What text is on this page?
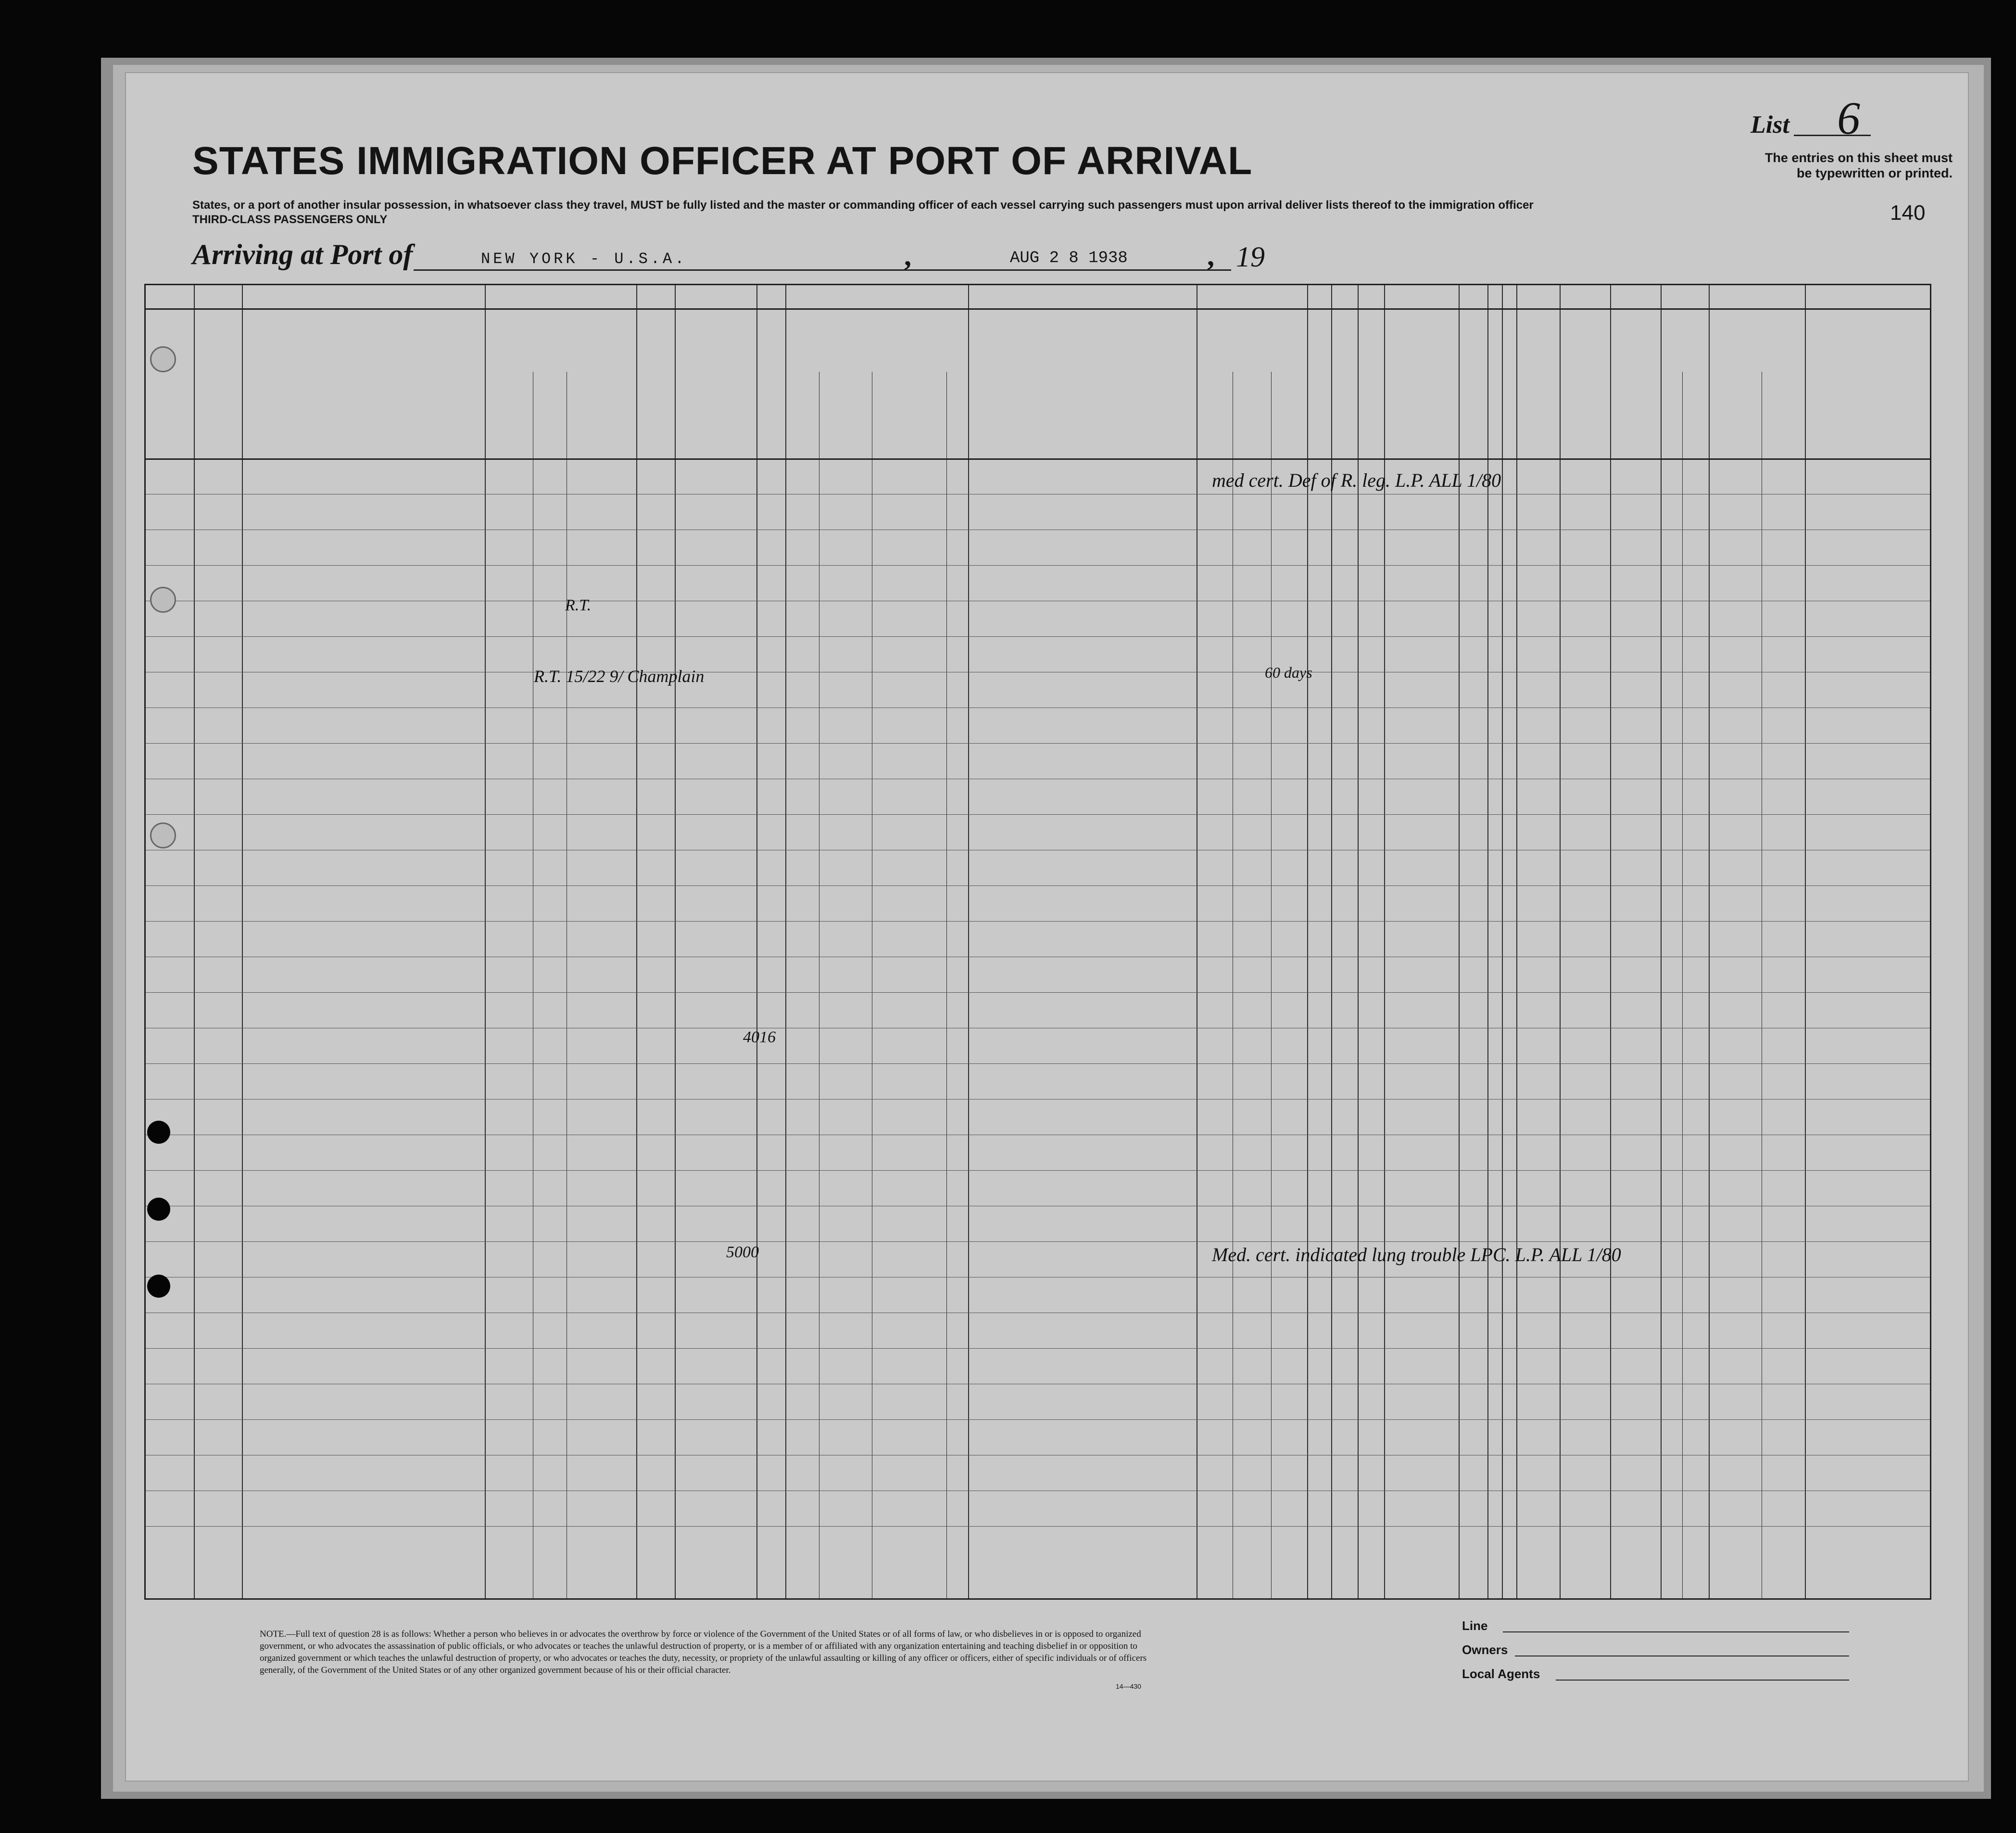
List 6
The entries on this sheet must
be typewritten or printed.
STATES IMMIGRATION OFFICER AT PORT OF ARRIVAL
States, or a port of another insular possession, in whatsoever class they travel, MUST be fully listed and the master or commanding officer of each vessel carrying such passengers must upon arrival deliver lists thereof to the immigration officer
THIRD-CLASS PASSENGERS ONLY	140
Arriving at Port of	NEW YORK - U.S.A.	,	AUG 2 8 1938	, 19
med cert. Def of R. leg. L.P. ALL 1/80
R.T.
R.T. 15/22 9/ Champlain	60 days
4016
5000	Med. cert. indicated lung trouble LPC. L.P. ALL 1/80
NOTE.—Full text of question 28 is as follows: Whether a person who believes in or advocates the overthrow by force or violence of the Government of the United States or of all forms of law, or who disbelieves in or is opposed to organized government, or who advocates the assassination of public officials, or who advocates or teaches the unlawful destruction of property, or is a member of or affiliated with any organization entertaining and teaching disbelief in or opposition to organized government or which teaches the unlawful destruction of property, or who advocates or teaches the duty, necessity, or propriety of the unlawful assaulting or killing of any officer or officers, either of specific individuals or of officers generally, of the Government of the United States or of any other organized government because of his or their official character.
14—430
Line
Owners
Local Agents
